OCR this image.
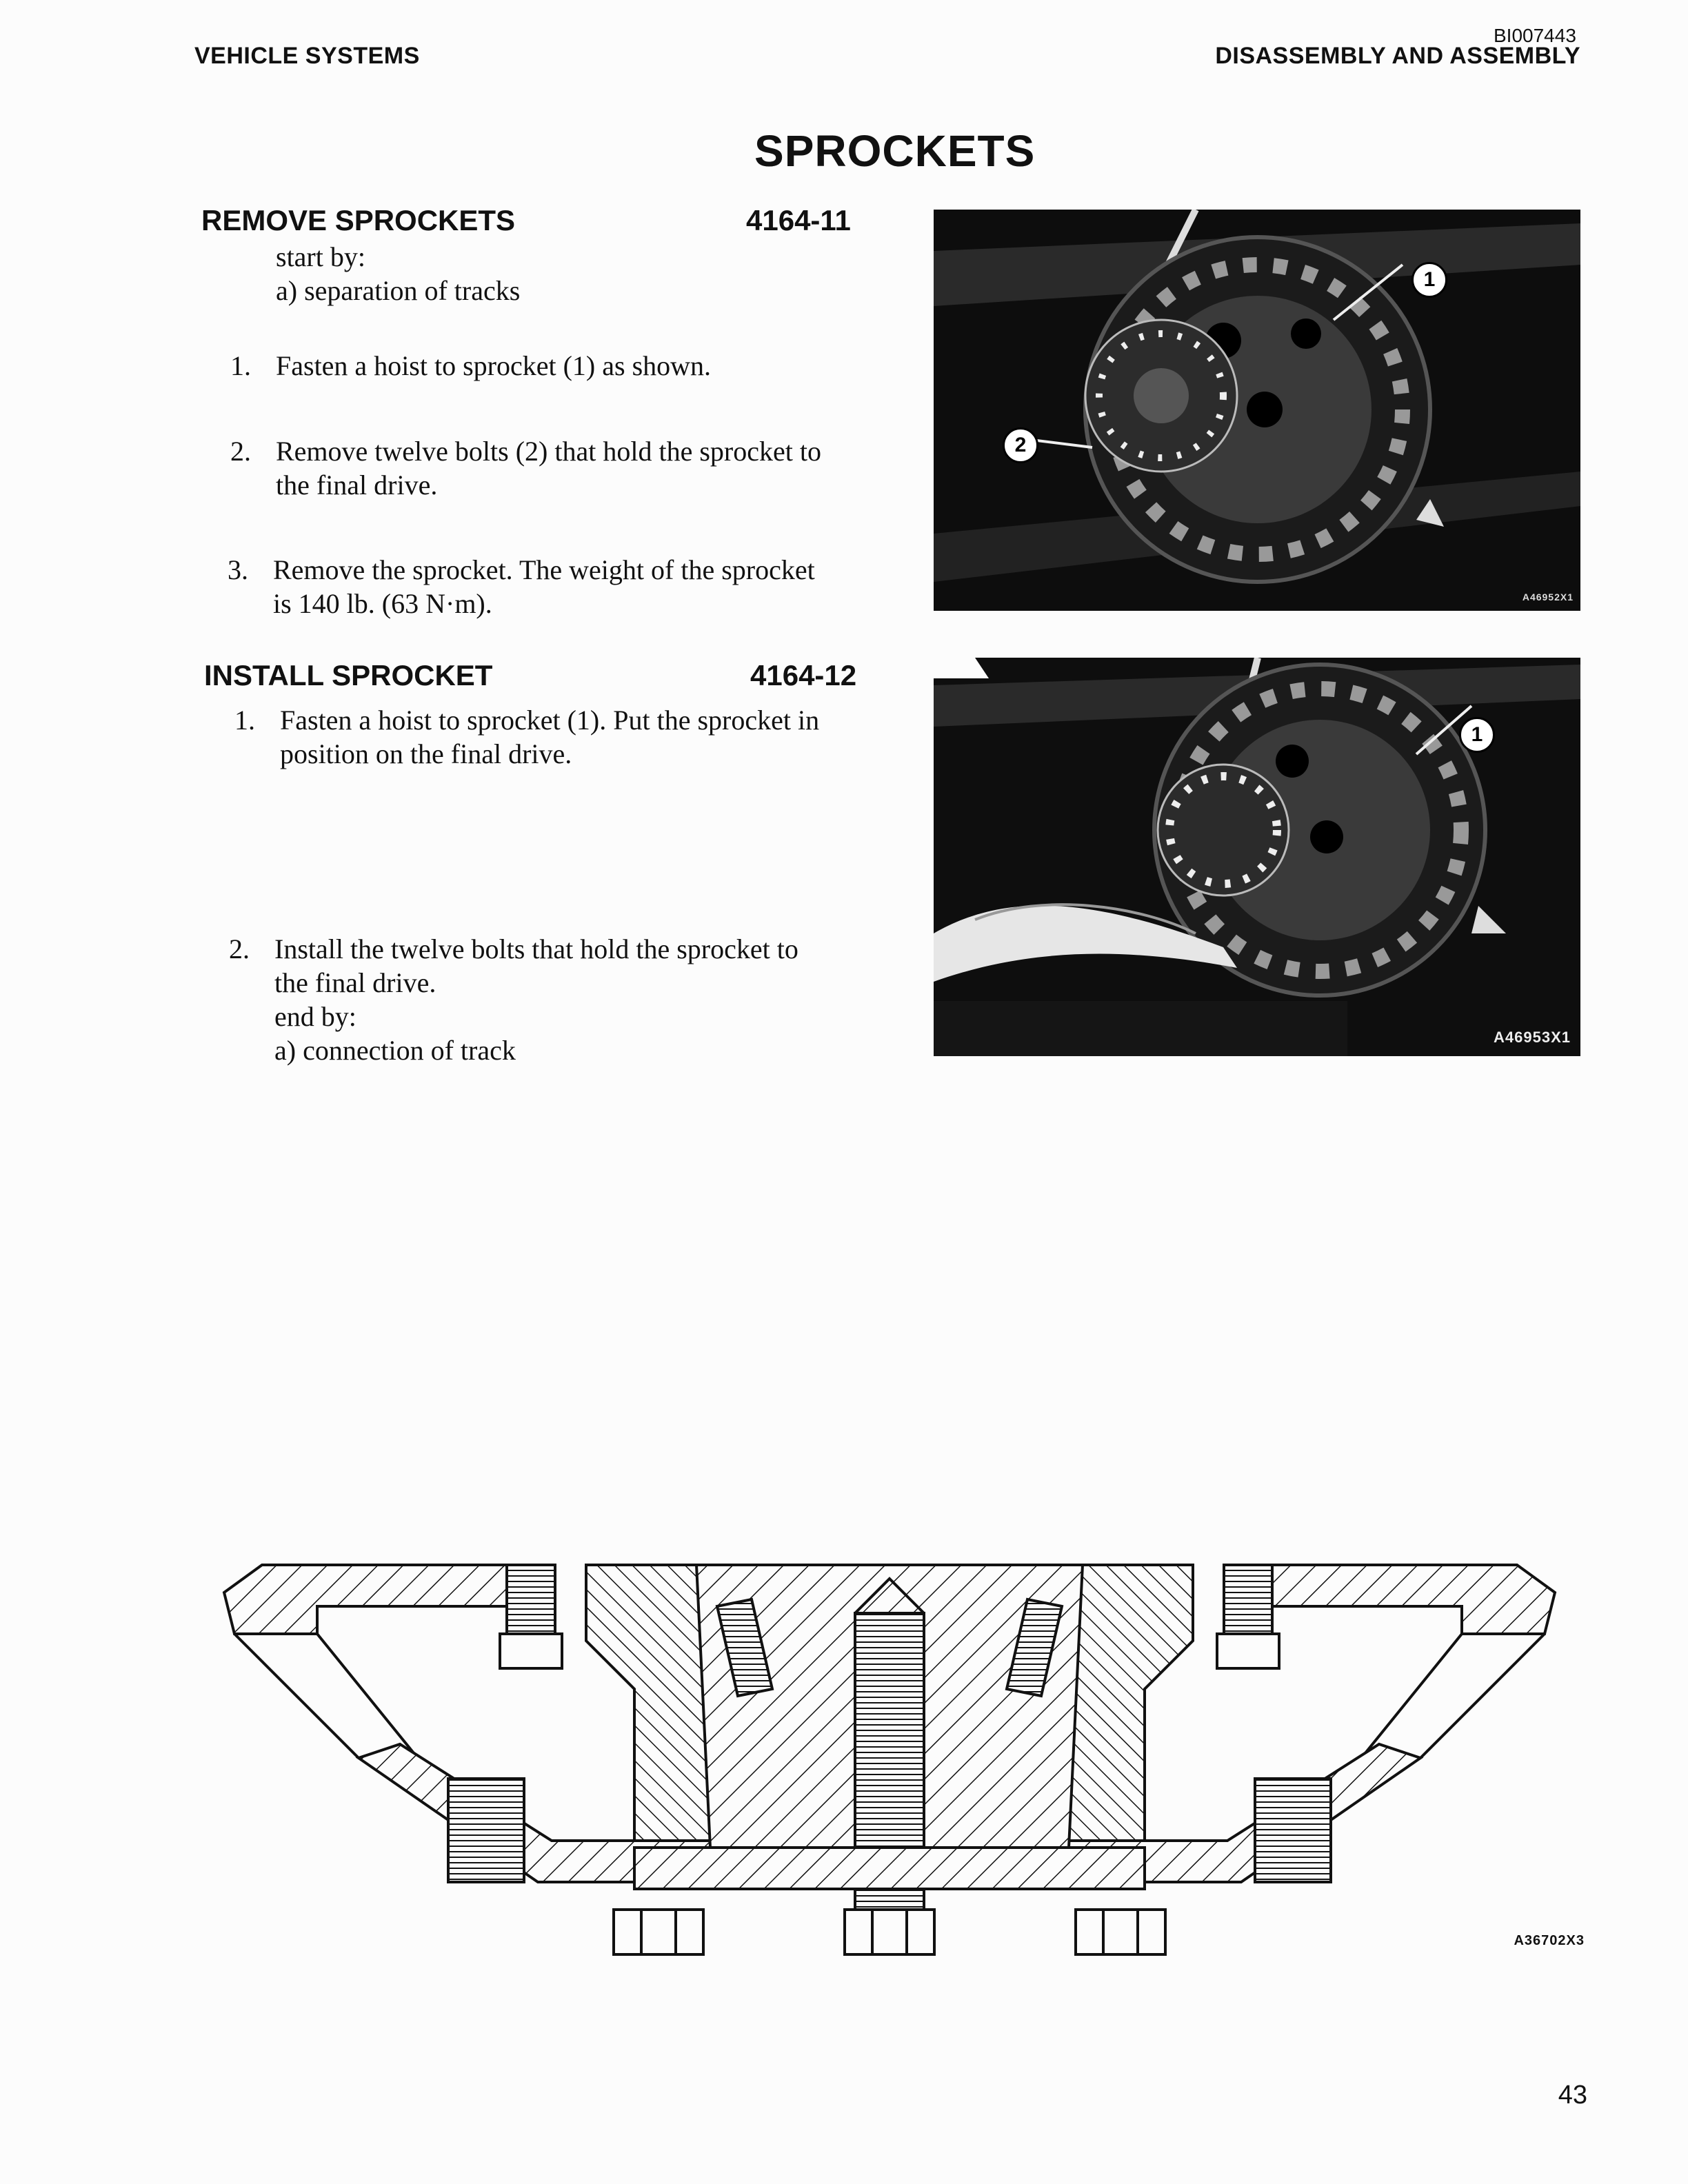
VEHICLE SYSTEMS
BI007443
DISASSEMBLY AND ASSEMBLY
SPROCKETS
REMOVE SPROCKETS	4164-11
start by:
a) separation of tracks
1. Fasten a hoist to sprocket (1) as shown.
2. Remove twelve bolts (2) that hold the sprocket to
the final drive.
3. Remove the sprocket. The weight of the sprocket
is 140 lb. (63 N·m).
INSTALL SPROCKET	4164-12
1. Fasten a hoist to sprocket (1). Put the sprocket in
position on the final drive.
2. Install the twelve bolts that hold the sprocket to
the final drive.
end by:
a) connection of track
1
2
A46952X1
1
A46953X1
A36702X3
43
